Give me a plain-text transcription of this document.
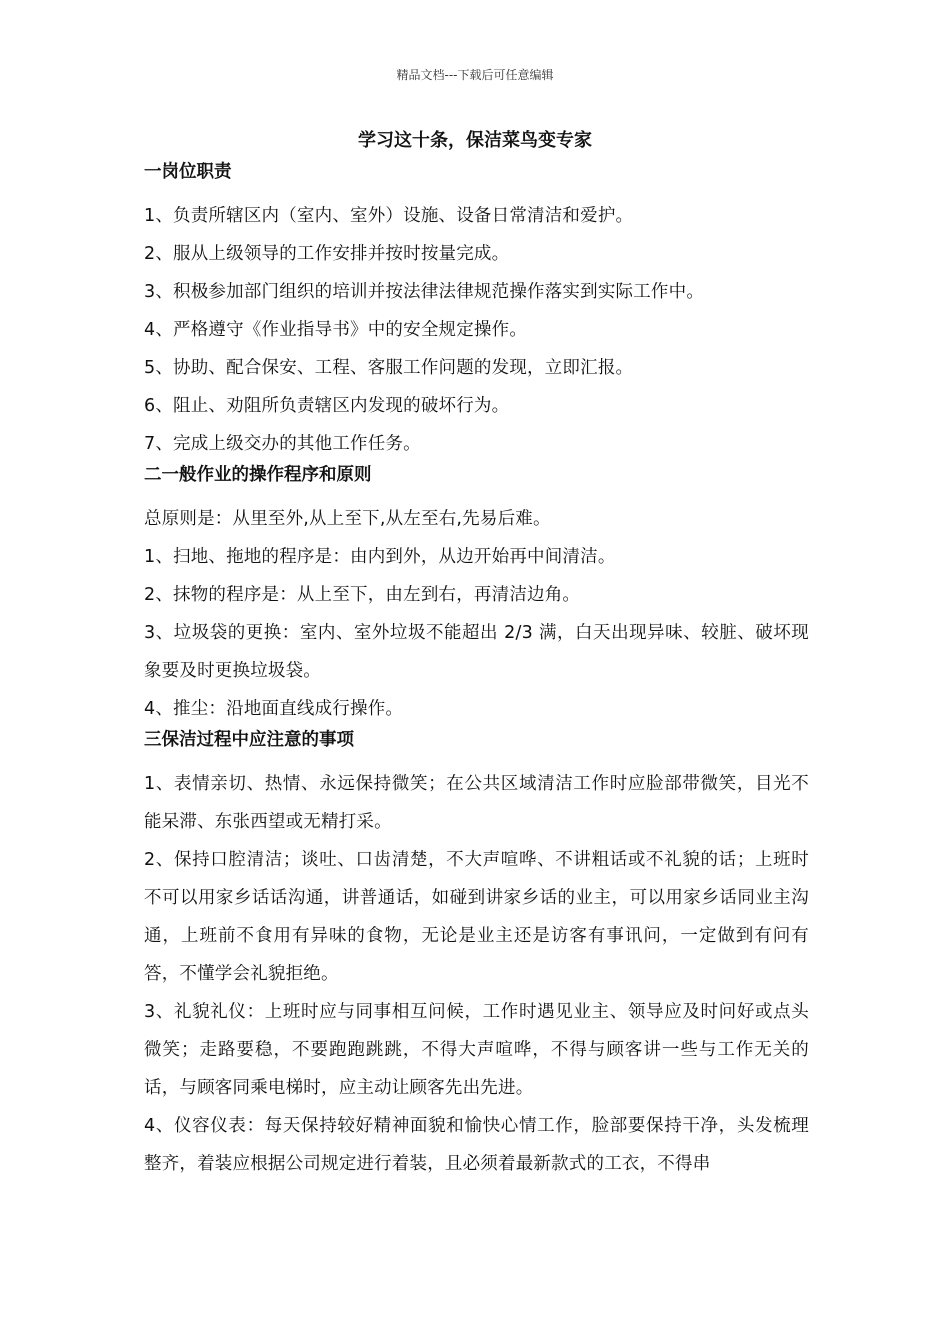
精品文档---下载后可任意编辑
学习这十条，保洁菜鸟变专家
一岗位职责

1、负责所辖区内（室内、室外）设施、设备日常清洁和爱护。

2、服从上级领导的工作安排并按时按量完成。

3、积极参加部门组织的培训并按法律法律规范操作落实到实际工作中。

4、严格遵守《作业指导书》中的安全规定操作。

5、协助、配合保安、工程、客服工作问题的发现，立即汇报。

6、阻止、劝阻所负责辖区内发现的破坏行为。

7、完成上级交办的其他工作任务。

二一般作业的操作程序和原则

总原则是：从里至外,从上至下,从左至右,先易后难。

1、扫地、拖地的程序是：由内到外，从边开始再中间清洁。

2、抹物的程序是：从上至下，由左到右，再清洁边角。

3、垃圾袋的更换：室内、室外垃圾不能超出 2/3 满，白天出现异味、较脏、破坏现象要及时更换垃圾袋。

4、推尘：沿地面直线成行操作。

三保洁过程中应注意的事项

1、表情亲切、热情、永远保持微笑；在公共区域清洁工作时应脸部带微笑，目光不能呆滞、东张西望或无精打采。

2、保持口腔清洁；谈吐、口齿清楚，不大声喧哗、不讲粗话或不礼貌的话；上班时不可以用家乡话话沟通，讲普通话，如碰到讲家乡话的业主，可以用家乡话同业主沟通，上班前不食用有异味的食物，无论是业主还是访客有事讯问，一定做到有问有答，不懂学会礼貌拒绝。

3、礼貌礼仪：上班时应与同事相互问候，工作时遇见业主、领导应及时问好或点头微笑；走路要稳，不要跑跑跳跳，不得大声喧哗，不得与顾客讲一些与工作无关的话，与顾客同乘电梯时，应主动让顾客先出先进。

4、仪容仪表：每天保持较好精神面貌和愉快心情工作，脸部要保持干净，头发梳理整齐，着装应根据公司规定进行着装，且必须着最新款式的工衣，不得串
